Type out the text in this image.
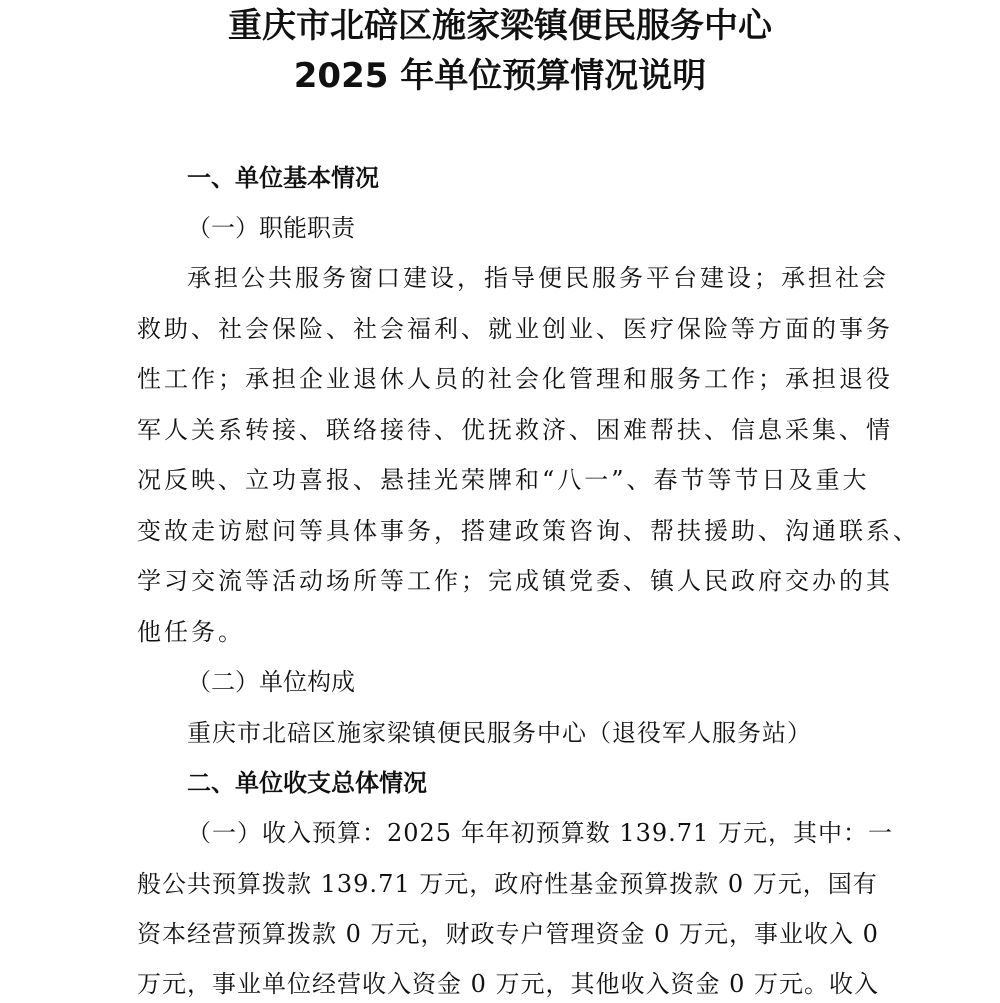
重庆市北碚区施家梁镇便民服务中心
2025 年单位预算情况说明
一、单位基本情况
（一）职能职责
承担公共服务窗口建设，指导便民服务平台建设；承担社会
救助、社会保险、社会福利、就业创业、医疗保险等方面的事务
性工作；承担企业退休人员的社会化管理和服务工作；承担退役
军人关系转接、联络接待、优抚救济、困难帮扶、信息采集、情
况反映、立功喜报、悬挂光荣牌和“八一”、春节等节日及重大
变故走访慰问等具体事务，搭建政策咨询、帮扶援助、沟通联系、
学习交流等活动场所等工作；完成镇党委、镇人民政府交办的其
他任务。
（二）单位构成
重庆市北碚区施家梁镇便民服务中心（退役军人服务站）
二、单位收支总体情况
（一）收入预算：2025 年年初预算数 139.71 万元，其中：一
般公共预算拨款 139.71 万元，政府性基金预算拨款 0 万元，国有
资本经营预算拨款 0 万元，财政专户管理资金 0 万元，事业收入 0
万元，事业单位经营收入资金 0 万元，其他收入资金 0 万元。收入
